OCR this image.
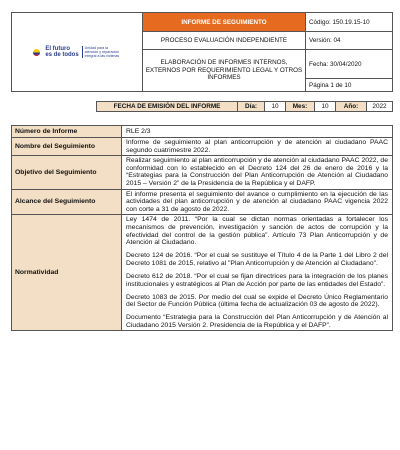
El futuro
es de todos
Unidad para la atención y reparación integral a las víctimas	INFORME DE SEGUIMIENTO	Código: 150.19.15-10
	PROCESO EVALUACIÓN INDEPENDIENTE	Versión: 04
	ELABORACIÓN DE INFORMES INTERNOS, EXTERNOS POR REQUERIMIENTO LEGAL Y OTROS INFORMES	Fecha: 30/04/2020
		Página 1 de 10
FECHA DE EMISIÓN DEL INFORME	Día:	10	Mes:	10	Año:	2022
Número de Informe	RLE 2/3
Nombre del Seguimiento	Informe de seguimiento al plan anticorrupción y de atención al ciudadano PAAC segundo cuatrimestre 2022.
Objetivo del Seguimiento	Realizar seguimiento al plan anticorrupción y de atención al ciudadano PAAC 2022, de conformidad con lo establecido en el Decreto 124 del 26 de enero de 2016 y la “Estrategias para la Construcción del Plan Anticorrupción de Atención al Ciudadano 2015 – Versión 2” de la Presidencia de la República y el DAFP.
Alcance del Seguimiento	El informe presenta el seguimiento del avance o cumplimiento en la ejecución de las actividades del plan anticorrupción y de atención al ciudadano PAAC vigencia 2022 con corte a 31 de agosto de 2022.
Normatividad	Ley 1474 de 2011. “Por la cual se dictan normas orientadas a fortalecer los mecanismos de prevención, investigación y sanción de actos de corrupción y la efectividad del control de la gestión pública”. Artículo 73 Plan Anticorrupción y de Atención al Ciudadano.

Decreto 124 de 2016. “Por el cual se sustituye el Título 4 de la Parte 1 del Libro 2 del Decreto 1081 de 2015, relativo al "Plan Anticorrupción y de Atención al Ciudadano".

Decreto 612 de 2018. “Por el cual se fijan directrices para la integración de los planes institucionales y estratégicos al Plan de Acción por parte de las entidades del Estado”.

Decreto 1083 de 2015. Por medio del cual se expide el Decreto Único Reglamentario del Sector de Función Pública (última fecha de actualización 03 de agosto de 2022).

Documento “Estrategia para la Construcción del Plan Anticorrupción y de Atención al Ciudadano 2015 Versión 2. Presidencia de la República y el DAFP”.
